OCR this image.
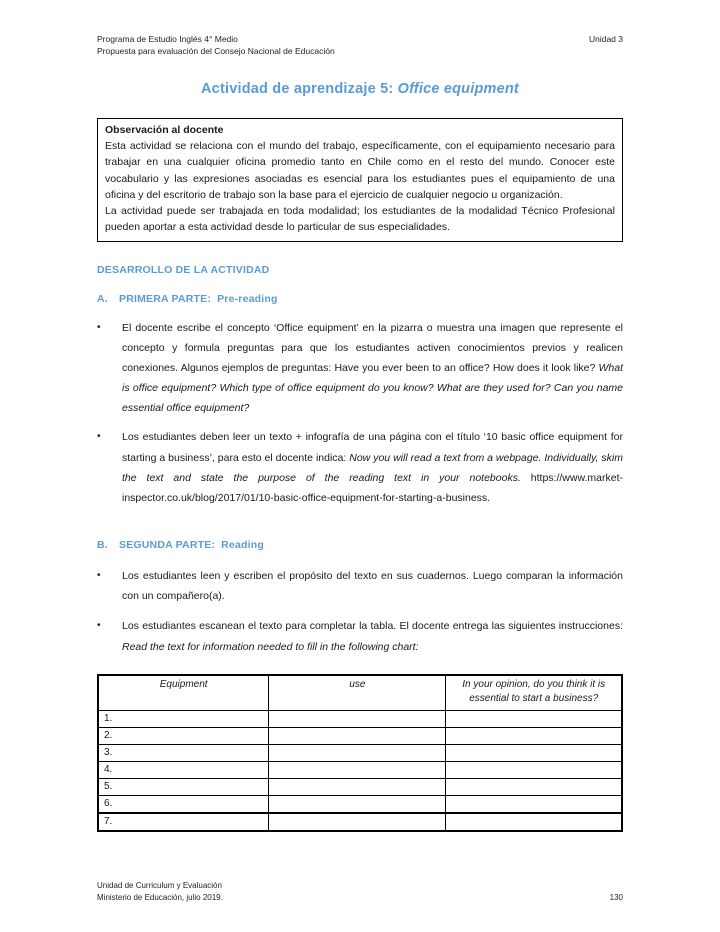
Programa de Estudio Inglés 4° Medio
Propuesta para evaluación del Consejo Nacional de Educación
Unidad 3
Actividad de aprendizaje 5: Office equipment
Observación al docente
Esta actividad se relaciona con el mundo del trabajo, específicamente, con el equipamiento necesario para trabajar en una cualquier oficina promedio tanto en Chile como en el resto del mundo. Conocer este vocabulario y las expresiones asociadas es esencial para los estudiantes pues el equipamiento de una oficina y del escritorio de trabajo son la base para el ejercicio de cualquier negocio u organización.
La actividad puede ser trabajada en toda modalidad; los estudiantes de la modalidad Técnico Profesional pueden aportar a esta actividad desde lo particular de sus especialidades.
DESARROLLO DE LA ACTIVIDAD
A. PRIMERA PARTE: Pre-reading
•	El docente escribe el concepto ‘Office equipment’ en la pizarra o muestra una imagen que represente el concepto y formula preguntas para que los estudiantes activen conocimientos previos y realicen conexiones. Algunos ejemplos de preguntas: Have you ever been to an office? How does it look like? What is office equipment? Which type of office equipment do you know? What are they used for? Can you name essential office equipment?
•	Los estudiantes deben leer un texto + infografía de una página con el título ‘10 basic office equipment for starting a business’, para esto el docente indica: Now you will read a text from a webpage. Individually, skim the text and state the purpose of the reading text in your notebooks. https://www.market-inspector.co.uk/blog/2017/01/10-basic-office-equipment-for-starting-a-business.
B. SEGUNDA PARTE: Reading
•	Los estudiantes leen y escriben el propósito del texto en sus cuadernos. Luego comparan la información con un compañero(a).
•	Los estudiantes escanean el texto para completar la tabla. El docente entrega las siguientes instrucciones: Read the text for information needed to fill in the following chart:
Equipment	use	In your opinion, do you think it is essential to start a business?
1.		
2.		
3.		
4.		
5.		
6.		
7.		
Unidad de Curriculum y Evaluación
Ministerio de Educación, julio 2019.	130
